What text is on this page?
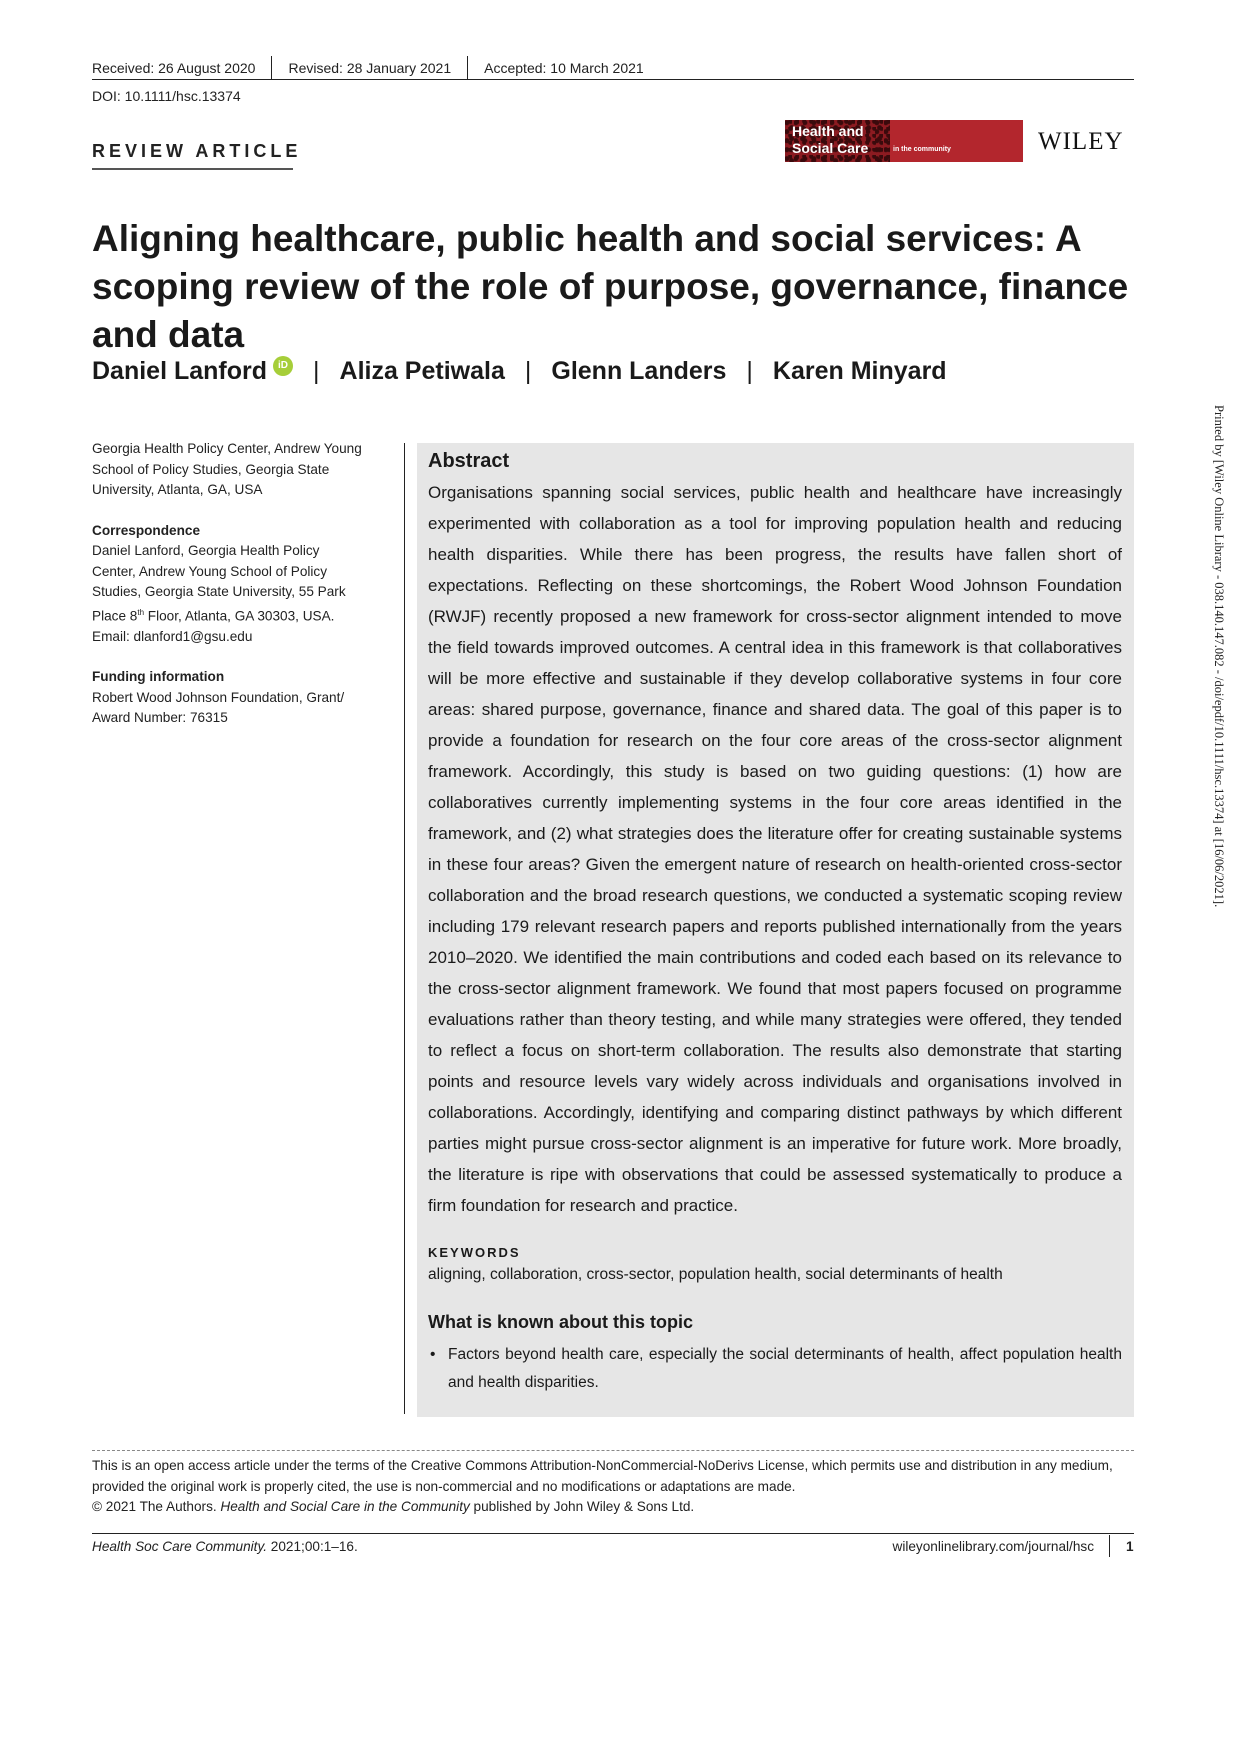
Received: 26 August 2020 Revised: 28 January 2021 Accepted: 10 March 2021
DOI: 10.1111/hsc.13374
REVIEW ARTICLE
Health and
Social Care	in the community	WILEY
Aligning healthcare, public health and social services: A scoping review of the role of purpose, governance, finance and data
Daniel Lanford	iD | Aliza Petiwala | Glenn Landers | Karen Minyard

Georgia Health Policy Center, Andrew Young School of Policy Studies, Georgia State University, Atlanta, GA, USA

Correspondence
Daniel Lanford, Georgia Health Policy Center, Andrew Young School of Policy Studies, Georgia State University, 55 Park Place 8th Floor, Atlanta, GA 30303, USA.
Email: dlanford1@gsu.edu

Funding information
Robert Wood Johnson Foundation, Grant/ Award Number: 76315

Abstract

Organisations spanning social services, public health and healthcare have increasingly experimented with collaboration as a tool for improving population health and reducing health disparities. While there has been progress, the results have fallen short of expectations. Reflecting on these shortcomings, the Robert Wood Johnson Foundation (RWJF) recently proposed a new framework for cross-sector alignment intended to move the field towards improved outcomes. A central idea in this framework is that collaboratives will be more effective and sustainable if they develop collaborative systems in four core areas: shared purpose, governance, finance and shared data. The goal of this paper is to provide a foundation for research on the four core areas of the cross-sector alignment framework. Accordingly, this study is based on two guiding questions: (1) how are collaboratives currently implementing systems in the four core areas identified in the framework, and (2) what strategies does the literature offer for creating sustainable systems in these four areas? Given the emergent nature of research on health-oriented cross-sector collaboration and the broad research questions, we conducted a systematic scoping review including 179 relevant research papers and reports published internationally from the years 2010–2020. We identified the main contributions and coded each based on its relevance to the cross-sector alignment framework. We found that most papers focused on programme evaluations rather than theory testing, and while many strategies were offered, they tended to reflect a focus on short-term collaboration. The results also demonstrate that starting points and resource levels vary widely across individuals and organisations involved in collaborations. Accordingly, identifying and comparing distinct pathways by which different parties might pursue cross-sector alignment is an imperative for future work. More broadly, the literature is ripe with observations that could be assessed systematically to produce a firm foundation for research and practice.

KEYWORDS
aligning, collaboration, cross-sector, population health, social determinants of health
What is known about this topic
• Factors beyond health care, especially the social determinants of health, affect population health and health disparities.
This is an open access article under the terms of the Creative Commons Attribution-NonCommercial-NoDerivs License, which permits use and distribution in any medium, provided the original work is properly cited, the use is non-commercial and no modifications or adaptations are made.
© 2021 The Authors. Health and Social Care in the Community published by John Wiley & Sons Ltd.
Health Soc Care Community. 2021;00:1–16.	wileyonlinelibrary.com/journal/hsc 1
Printed by [Wiley Online Library - 038.140.147.082 - /doi/epdf/10.1111/hsc.13374] at [16/06/2021].
